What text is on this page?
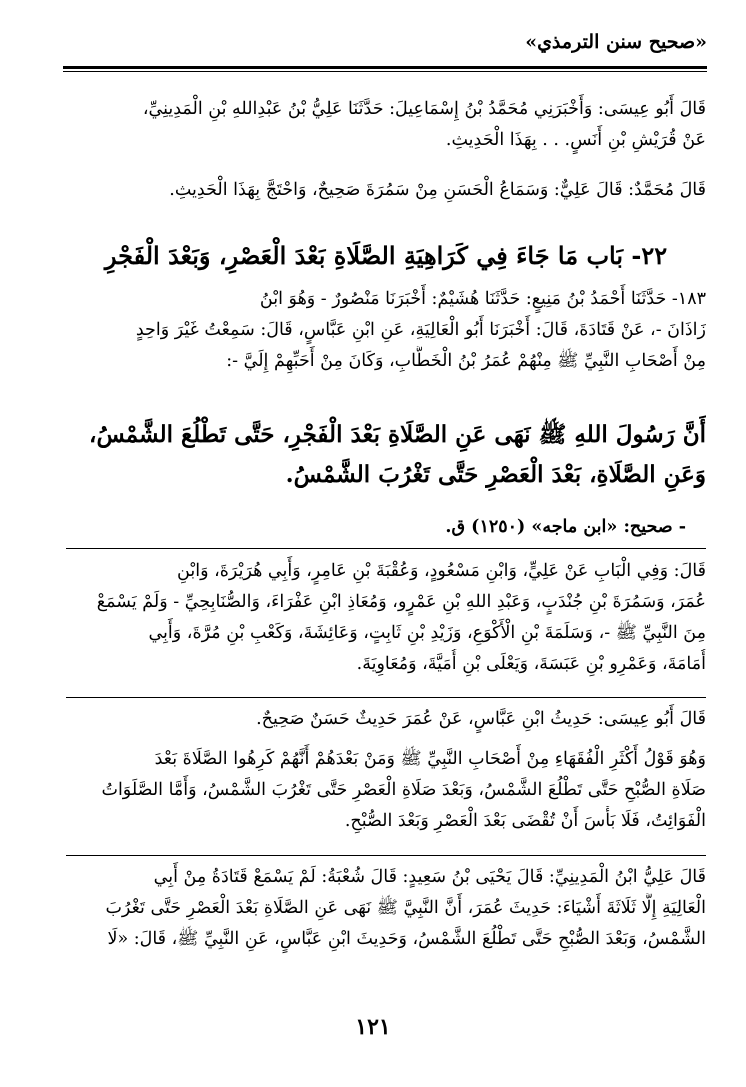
«صحيح سنن الترمذي»
قَالَ أَبُو عِيسَى: وَأَخْبَرَنِي مُحَمَّدُ بْنُ إِسْمَاعِيلَ: حَدَّثَنَا عَلِيُّ بْنُ عَبْدِاللهِ بْنِ الْمَدِينِيِّ،
عَنْ قُرَيْشِ بْنِ أَنَسٍ. . . بِهَذَا الْحَدِيثِ.
قَالَ مُحَمَّدٌ: قَالَ عَلِيٌّ: وَسَمَاعُ الْحَسَنِ مِنْ سَمُرَةَ صَحِيحٌ، وَاحْتَجَّ بِهَذَا الْحَدِيثِ.
٢٢- بَاب مَا جَاءَ فِي كَرَاهِيَةِ الصَّلَاةِ بَعْدَ الْعَصْرِ، وَبَعْدَ الْفَجْرِ
١٨٣- حَدَّثَنَا أَحْمَدُ بْنُ مَنِيعٍ: حَدَّثَنَا هُشَيْمٌ: أَخْبَرَنَا مَنْصُورٌ - وَهُوَ ابْنُ
زَاذَانَ -، عَنْ قَتَادَةَ، قَالَ: أَخْبَرَنَا أَبُو الْعَالِيَةِ، عَنِ ابْنِ عَبَّاسٍ، قَالَ: سَمِعْتُ غَيْرَ وَاحِدٍ
مِنْ أَصْحَابِ النَّبِيِّ ﷺ مِنْهُمْ عُمَرُ بْنُ الْخَطَّابِ، وَكَانَ مِنْ أَحَبِّهِمْ إِلَيَّ -:
أَنَّ رَسُولَ اللهِ ﷺ نَهَى عَنِ الصَّلَاةِ بَعْدَ الْفَجْرِ، حَتَّى تَطْلُعَ الشَّمْسُ،
وَعَنِ الصَّلَاةِ، بَعْدَ الْعَصْرِ حَتَّى تَغْرُبَ الشَّمْسُ.
- صحيح: «ابن ماجه» (١٢٥٠) ق.
قَالَ: وَفِي الْبَابِ عَنْ عَلِيٍّ، وَابْنِ مَسْعُودٍ، وَعُقْبَةَ بْنِ عَامِرٍ، وَأَبِي هُرَيْرَةَ، وَابْنِ
عُمَرَ، وَسَمُرَةَ بْنِ جُنْدَبٍ، وَعَبْدِ اللهِ بْنِ عَمْرٍو، وَمُعَاذِ ابْنِ عَفْرَاءَ، وَالصُّنَابِحِيِّ - وَلَمْ يَسْمَعْ
مِنَ النَّبِيِّ ﷺ -، وَسَلَمَةَ بْنِ الْأَكْوَعِ، وَزَيْدِ بْنِ ثَابِتٍ، وَعَائِشَةَ، وَكَعْبِ بْنِ مُرَّةَ، وَأَبِي
أُمَامَةَ، وَعَمْرِو بْنِ عَبَسَةَ، وَيَعْلَى بْنِ أُمَيَّةَ، وَمُعَاوِيَةَ.
قَالَ أَبُو عِيسَى: حَدِيثُ ابْنِ عَبَّاسٍ، عَنْ عُمَرَ حَدِيثٌ حَسَنٌ صَحِيحٌ.
وَهُوَ قَوْلُ أَكْثَرِ الْفُقَهَاءِ مِنْ أَصْحَابِ النَّبِيِّ ﷺ وَمَنْ بَعْدَهُمْ أَنَّهُمْ كَرِهُوا الصَّلَاةَ بَعْدَ
صَلَاةِ الصُّبْحِ حَتَّى تَطْلُعَ الشَّمْسُ، وَبَعْدَ صَلَاةِ الْعَصْرِ حَتَّى تَغْرُبَ الشَّمْسُ، وَأَمَّا الصَّلَوَاتُ
الْفَوَائِتُ، فَلَا بَأْسَ أَنْ تُقْضَى بَعْدَ الْعَصْرِ وَبَعْدَ الصُّبْحِ.
قَالَ عَلِيُّ ابْنُ الْمَدِينِيِّ: قَالَ يَحْيَى بْنُ سَعِيدٍ: قَالَ شُعْبَةُ: لَمْ يَسْمَعْ قَتَادَةُ مِنْ أَبِي
الْعَالِيَةِ إِلَّا ثَلَاثَةَ أَشْيَاءَ: حَدِيثَ عُمَرَ، أَنَّ النَّبِيَّ ﷺ نَهَى عَنِ الصَّلَاةِ بَعْدَ الْعَصْرِ حَتَّى تَغْرُبَ
الشَّمْسُ، وَبَعْدَ الصُّبْحِ حَتَّى تَطْلُعَ الشَّمْسُ، وَحَدِيثَ ابْنِ عَبَّاسٍ، عَنِ النَّبِيِّ ﷺ، قَالَ: «لَا
١٢١
